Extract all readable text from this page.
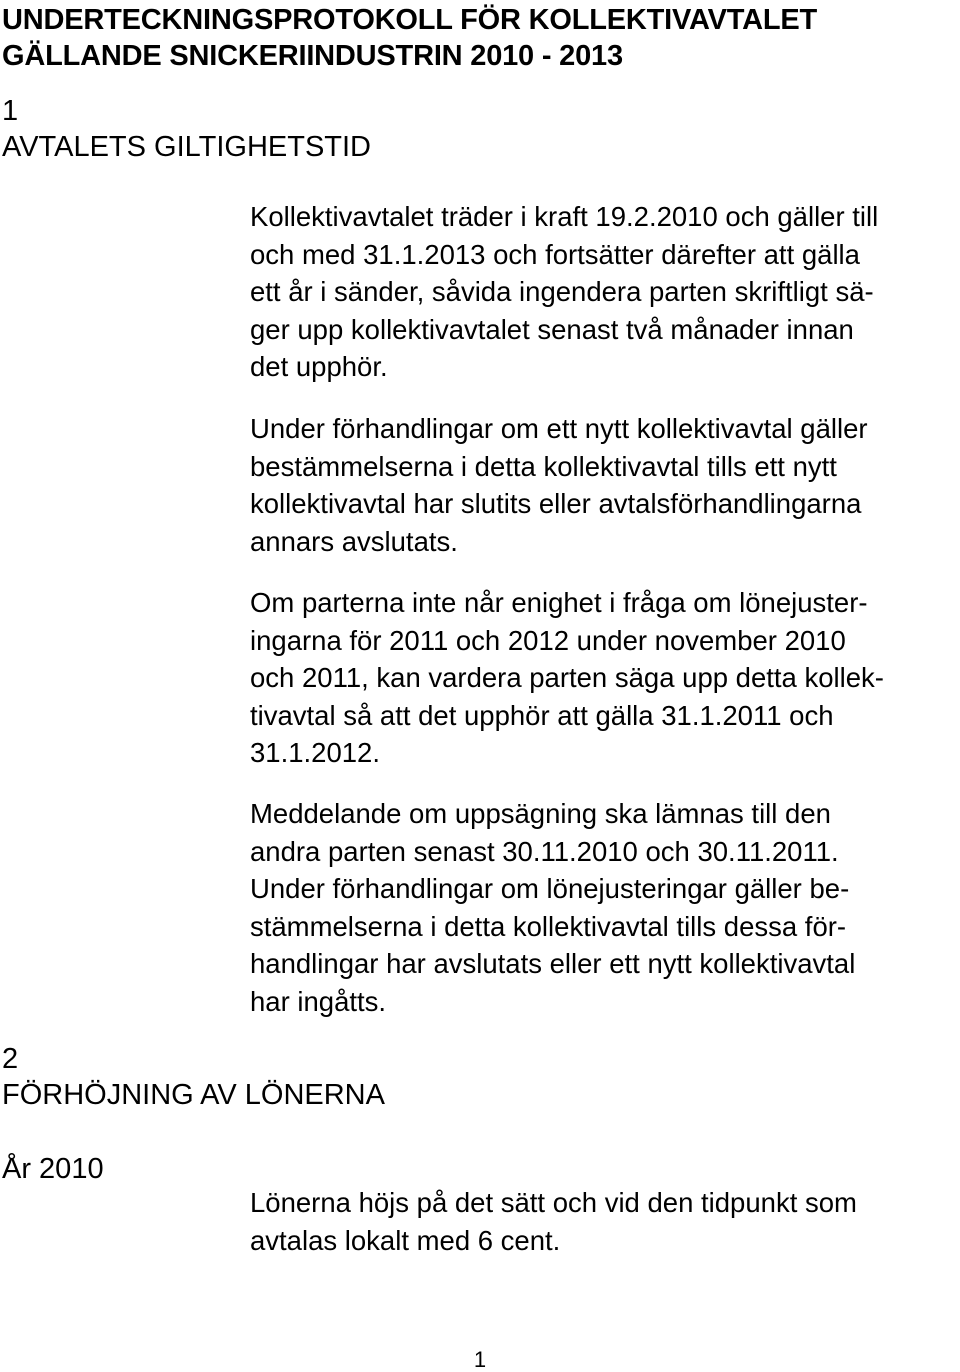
UNDERTECKNINGSPROTOKOLL FÖR KOLLEKTIVAVTALET
GÄLLANDE SNICKERIINDUSTRIN 2010 - 2013
1
AVTALETS GILTIGHETSTID

Kollektivavtalet träder i kraft 19.2.2010 och gäller till
och med 31.1.2013 och fortsätter därefter att gälla
ett år i sänder, såvida ingendera parten skriftligt sä-
ger upp kollektivavtalet senast två månader innan
det upphör.

Under förhandlingar om ett nytt kollektivavtal gäller
bestämmelserna i detta kollektivavtal tills ett nytt
kollektivavtal har slutits eller avtalsförhandlingarna
annars avslutats.

Om parterna inte når enighet i fråga om lönejuster-
ingarna för 2011 och 2012 under november 2010
och 2011, kan vardera parten säga upp detta kollek-
tivavtal så att det upphör att gälla 31.1.2011 och
31.1.2012.

Meddelande om uppsägning ska lämnas till den
andra parten senast 30.11.2010 och 30.11.2011.
Under förhandlingar om lönejusteringar gäller be-
stämmelserna i detta kollektivavtal tills dessa för-
handlingar har avslutats eller ett nytt kollektivavtal
har ingåtts.

2
FÖRHÖJNING AV LÖNERNA
År 2010

Lönerna höjs på det sätt och vid den tidpunkt som
avtalas lokalt med 6 cent.

1
